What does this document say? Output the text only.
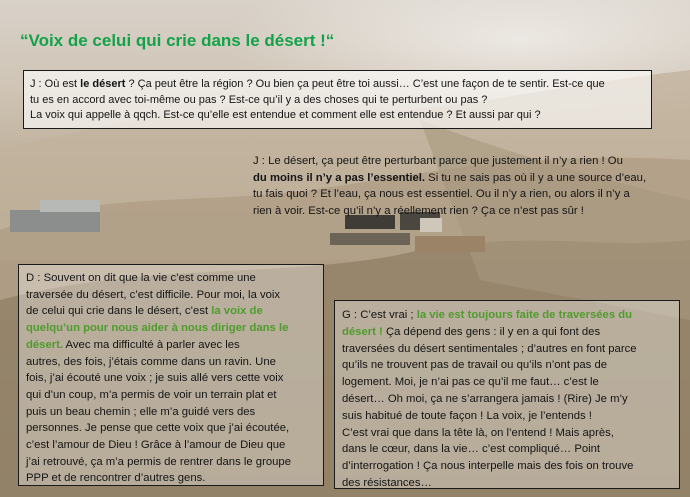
“Voix de celui qui crie dans le désert !“
J : Où est le désert ? Ça peut être la région ? Ou bien ça peut être toi aussi… C’est une façon de te sentir. Est-ce que
tu es en accord avec toi-même ou pas ? Est-ce qu’il y a des choses qui te perturbent ou pas ?
La voix qui appelle à qqch. Est-ce qu’elle est entendue et comment elle est entendue ? Et aussi par qui ?
J : Le désert, ça peut être perturbant parce que justement il n’y a rien ! Ou
du moins il n’y a pas l’essentiel. Si tu ne sais pas où il y a une source d’eau,
tu fais quoi ? Et l’eau, ça nous est essentiel. Ou il n’y a rien, ou alors il n’y a
rien à voir. Est-ce qu’il n’y a réellement rien ? Ça ce n’est pas sûr !
D : Souvent on dit que la vie c’est comme une
traversée du désert, c’est difficile. Pour moi, la voix
de celui qui crie dans le désert, c’est la voix de
quelqu’un pour nous aider à nous diriger dans le
désert. Avec ma difficulté à parler avec les
autres, des fois, j’étais comme dans un ravin. Une
fois, j’ai écouté une voix ; je suis allé vers cette voix
qui d’un coup, m’a permis de voir un terrain plat et
puis un beau chemin ; elle m’a guidé vers des
personnes. Je pense que cette voix que j’ai écoutée,
c’est l’amour de Dieu ! Grâce à l’amour de Dieu que
j’ai retrouvé, ça m’a permis de rentrer dans le groupe
PPP et de rencontrer d’autres gens.
G : C’est vrai ; la vie est toujours faite de traversées du
désert ! Ça dépend des gens : il y en a qui font des
traversées du désert sentimentales ; d’autres en font parce
qu’ils ne trouvent pas de travail ou qu’ils n’ont pas de
logement. Moi, je n’ai pas ce qu’il me faut… c’est le
désert… Oh moi, ça ne s’arrangera jamais ! (Rire) Je m’y
suis habitué de toute façon ! La voix, je l’entends !
C’est vrai que dans la tête là, on l’entend ! Mais après,
dans le cœur, dans la vie… c’est compliqué… Point
d’interrogation ! Ça nous interpelle mais des fois on trouve
des résistances…
